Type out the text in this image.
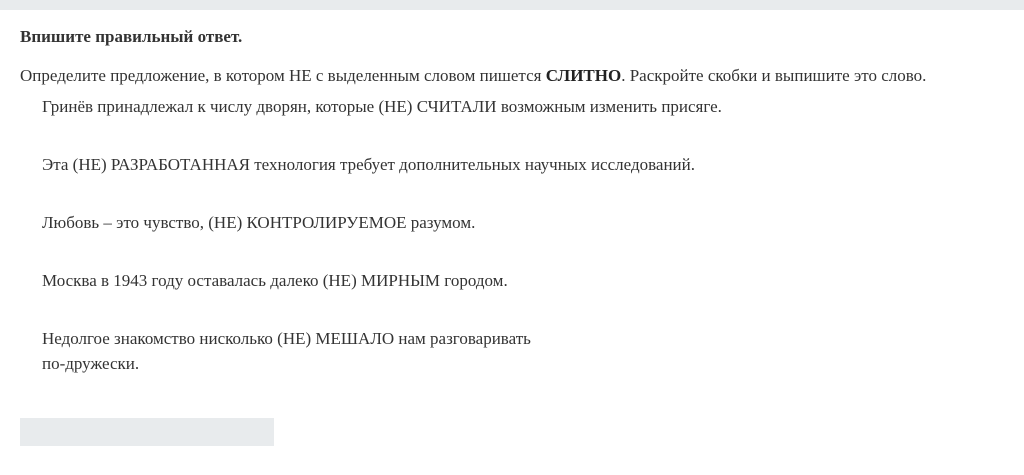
Впишите правильный ответ.
Определите предложение, в котором НЕ с выделенным словом пишется СЛИТНО. Раскройте скобки и выпишите это слово.
Гринёв принадлежал к числу дворян, которые (НЕ) СЧИТАЛИ возможным изменить присяге.
Эта (НЕ) РАЗРАБОТАННАЯ технология требует дополнительных научных исследований.
Любовь – это чувство, (НЕ) КОНТРОЛИРУЕМОЕ разумом.
Москва в 1943 году оставалась далеко (НЕ) МИРНЫМ городом.
Недолгое знакомство нисколько (НЕ) МЕШАЛО нам разговаривать
по-дружески.
